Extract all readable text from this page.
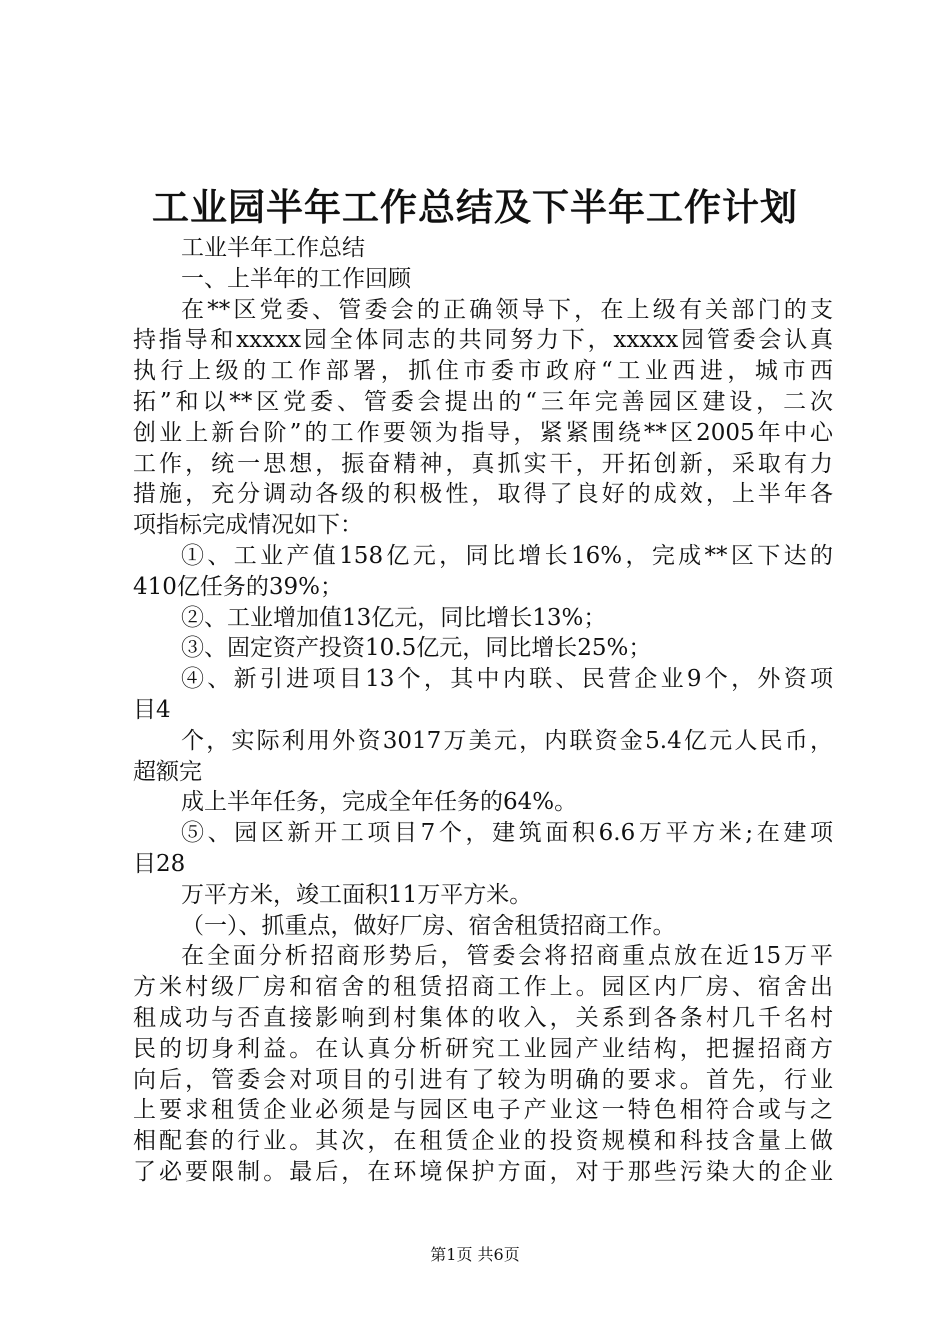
工业园半年工作总结及下半年工作计划
工业半年工作总结
一、上半年的工作回顾
在**区党委、管委会的正确领导下，在上级有关部门的支
持指导和xxxxx园全体同志的共同努力下，xxxxx园管委会认真
执行上级的工作部署，抓住市委市政府“工业西进，城市西
拓”和以**区党委、管委会提出的“三年完善园区建设，二次
创业上新台阶”的工作要领为指导，紧紧围绕**区2005年中心
工作，统一思想，振奋精神，真抓实干，开拓创新，采取有力
措施，充分调动各级的积极性，取得了良好的成效，上半年各
项指标完成情况如下：
①、工业产值158亿元，同比增长16%，完成**区下达的
410亿任务的39%；
②、工业增加值13亿元，同比增长13%；
③、固定资产投资10.5亿元，同比增长25%；
④、新引进项目13个，其中内联、民营企业9个，外资项
目4
个，实际利用外资3017万美元，内联资金5.4亿元人民币，
超额完
成上半年任务，完成全年任务的64%。
⑤、园区新开工项目7个，建筑面积6.6万平方米;在建项
目28
万平方米，竣工面积11万平方米。
（一）、抓重点，做好厂房、宿舍租赁招商工作。
在全面分析招商形势后，管委会将招商重点放在近15万平
方米村级厂房和宿舍的租赁招商工作上。园区内厂房、宿舍出
租成功与否直接影响到村集体的收入，关系到各条村几千名村
民的切身利益。在认真分析研究工业园产业结构，把握招商方
向后，管委会对项目的引进有了较为明确的要求。首先，行业
上要求租赁企业必须是与园区电子产业这一特色相符合或与之
相配套的行业。其次，在租赁企业的投资规模和科技含量上做
了必要限制。最后，在环境保护方面，对于那些污染大的企业
第1页 共6页
